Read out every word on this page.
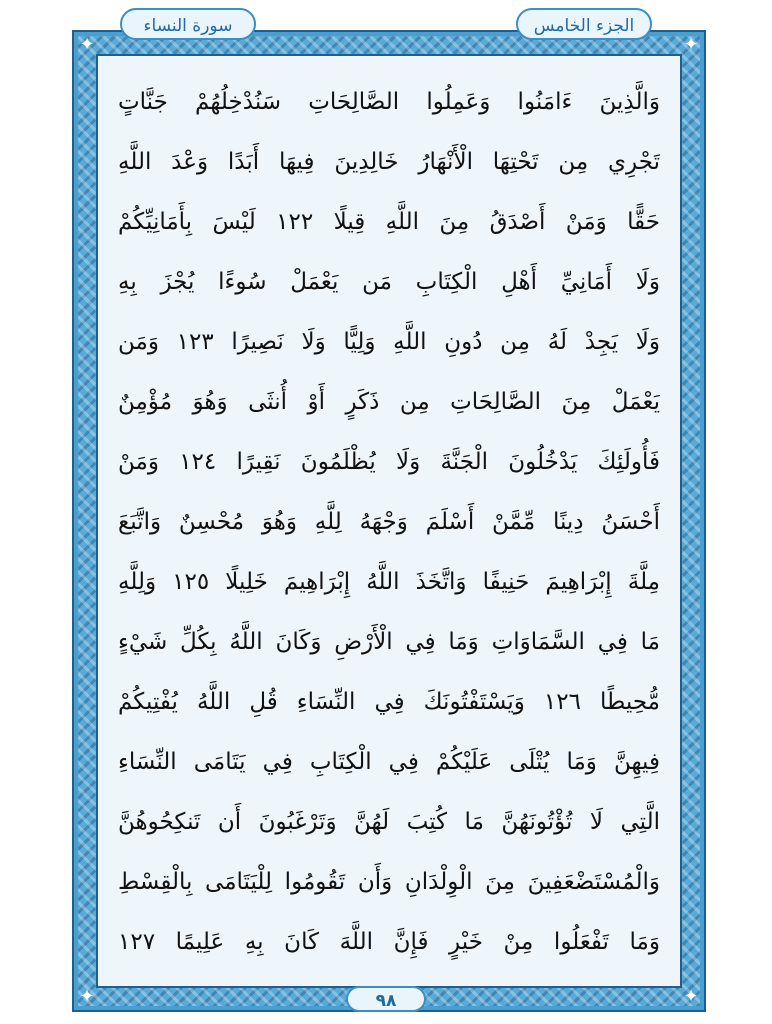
✦	✦
✦	✦
الجزء الخامس
سورة النساء
وَالَّذِينَ ءَامَنُوا وَعَمِلُوا الصَّالِحَاتِ سَنُدْخِلُهُمْ جَنَّاتٍ
تَجْرِي مِن تَحْتِهَا الْأَنْهَارُ خَالِدِينَ فِيهَا أَبَدًا وَعْدَ اللَّهِ
حَقًّا وَمَنْ أَصْدَقُ مِنَ اللَّهِ قِيلًا ١٢٢ لَيْسَ بِأَمَانِيِّكُمْ
وَلَا أَمَانِيِّ أَهْلِ الْكِتَابِ مَن يَعْمَلْ سُوءًا يُجْزَ بِهِ
وَلَا يَجِدْ لَهُ مِن دُونِ اللَّهِ وَلِيًّا وَلَا نَصِيرًا ١٢٣ وَمَن
يَعْمَلْ مِنَ الصَّالِحَاتِ مِن ذَكَرٍ أَوْ أُنثَى وَهُوَ مُؤْمِنٌ
فَأُولَئِكَ يَدْخُلُونَ الْجَنَّةَ وَلَا يُظْلَمُونَ نَقِيرًا ١٢٤ وَمَنْ
أَحْسَنُ دِينًا مِّمَّنْ أَسْلَمَ وَجْهَهُ لِلَّهِ وَهُوَ مُحْسِنٌ وَاتَّبَعَ
مِلَّةَ إِبْرَاهِيمَ حَنِيفًا وَاتَّخَذَ اللَّهُ إِبْرَاهِيمَ خَلِيلًا ١٢٥ وَلِلَّهِ
مَا فِي السَّمَاوَاتِ وَمَا فِي الْأَرْضِ وَكَانَ اللَّهُ بِكُلِّ شَيْءٍ
مُّحِيطًا ١٢٦ وَيَسْتَفْتُونَكَ فِي النِّسَاءِ قُلِ اللَّهُ يُفْتِيكُمْ
فِيهِنَّ وَمَا يُتْلَى عَلَيْكُمْ فِي الْكِتَابِ فِي يَتَامَى النِّسَاءِ
الَّتِي لَا تُؤْتُونَهُنَّ مَا كُتِبَ لَهُنَّ وَتَرْغَبُونَ أَن تَنكِحُوهُنَّ
وَالْمُسْتَضْعَفِينَ مِنَ الْوِلْدَانِ وَأَن تَقُومُوا لِلْيَتَامَى بِالْقِسْطِ
وَمَا تَفْعَلُوا مِنْ خَيْرٍ فَإِنَّ اللَّهَ كَانَ بِهِ عَلِيمًا ١٢٧
٩٨
